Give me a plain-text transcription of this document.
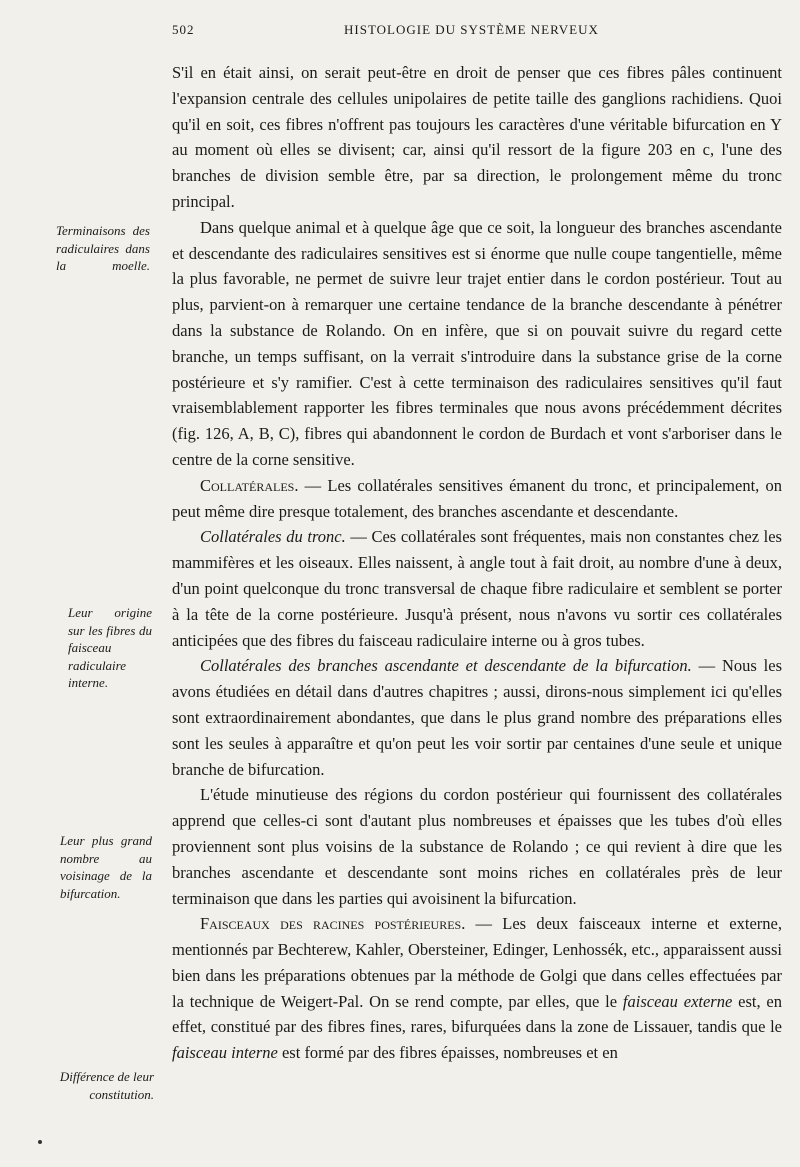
502	HISTOLOGIE DU SYSTÈME NERVEUX

S'il en était ainsi, on serait peut-être en droit de penser que ces fibres pâles continuent l'expansion centrale des cellules unipolaires de petite taille des ganglions rachidiens. Quoi qu'il en soit, ces fibres n'offrent pas toujours les caractères d'une véritable bifurcation en Y au moment où elles se divisent; car, ainsi qu'il ressort de la figure 203 en c, l'une des branches de division semble être, par sa direction, le prolongement même du tronc principal.

Dans quelque animal et à quelque âge que ce soit, la longueur des branches ascendante et descendante des radiculaires sensitives est si énorme que nulle coupe tangentielle, même la plus favorable, ne permet de suivre leur trajet entier dans le cordon postérieur. Tout au plus, parvient-on à remarquer une certaine tendance de la branche descendante à pénétrer dans la substance de Rolando. On en infère, que si on pouvait suivre du regard cette branche, un temps suffisant, on la verrait s'introduire dans la substance grise de la corne postérieure et s'y ramifier. C'est à cette terminaison des radiculaires sensitives qu'il faut vraisemblablement rapporter les fibres terminales que nous avons précédemment décrites (fig. 126, A, B, C), fibres qui abandonnent le cordon de Burdach et vont s'arboriser dans le centre de la corne sensitive.

Collatérales. — Les collatérales sensitives émanent du tronc, et principalement, on peut même dire presque totalement, des branches ascendante et descendante.

Collatérales du tronc. — Ces collatérales sont fréquentes, mais non constantes chez les mammifères et les oiseaux. Elles naissent, à angle tout à fait droit, au nombre d'une à deux, d'un point quelconque du tronc transversal de chaque fibre radiculaire et semblent se porter à la tête de la corne postérieure. Jusqu'à présent, nous n'avons vu sortir ces collatérales anticipées que des fibres du faisceau radiculaire interne ou à gros tubes.

Collatérales des branches ascendante et descendante de la bifurcation. — Nous les avons étudiées en détail dans d'autres chapitres ; aussi, dirons-nous simplement ici qu'elles sont extraordinairement abondantes, que dans le plus grand nombre des préparations elles sont les seules à apparaître et qu'on peut les voir sortir par centaines d'une seule et unique branche de bifurcation.

L'étude minutieuse des régions du cordon postérieur qui fournissent des collatérales apprend que celles-ci sont d'autant plus nombreuses et épaisses que les tubes d'où elles proviennent sont plus voisins de la substance de Rolando ; ce qui revient à dire que les branches ascendante et descendante sont moins riches en collatérales près de leur terminaison que dans les parties qui avoisinent la bifurcation.

Faisceaux des racines postérieures. — Les deux faisceaux interne et externe, mentionnés par Bechterew, Kahler, Obersteiner, Edinger, Lenhossék, etc., apparaissent aussi bien dans les préparations obtenues par la méthode de Golgi que dans celles effectuées par la technique de Weigert-Pal. On se rend compte, par elles, que le faisceau externe est, en effet, constitué par des fibres fines, rares, bifurquées dans la zone de Lissauer, tandis que le faisceau interne est formé par des fibres épaisses, nombreuses et en

Terminaisons des radiculaires dans la moelle.
Leur origine sur les fibres du faisceau radiculaire interne.
Leur plus grand nombre au voisinage de la bifurcation.
Différence de leur constitution.
